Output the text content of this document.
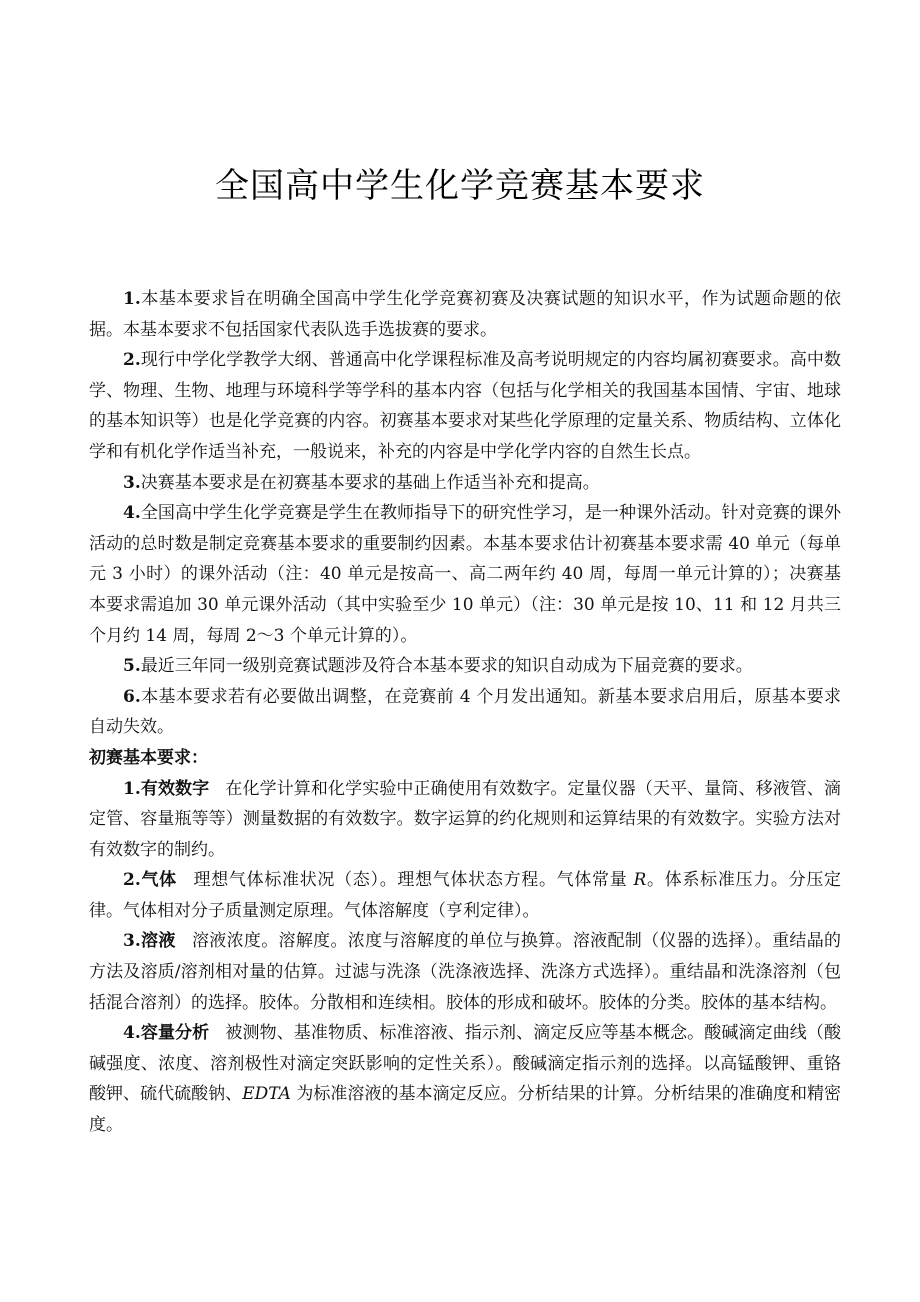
全国高中学生化学竞赛基本要求

1.本基本要求旨在明确全国高中学生化学竞赛初赛及决赛试题的知识水平，作为试题命题的依据。本基本要求不包括国家代表队选手选拔赛的要求。

2.现行中学化学教学大纲、普通高中化学课程标准及高考说明规定的内容均属初赛要求。高中数学、物理、生物、地理与环境科学等学科的基本内容（包括与化学相关的我国基本国情、宇宙、地球的基本知识等）也是化学竞赛的内容。初赛基本要求对某些化学原理的定量关系、物质结构、立体化学和有机化学作适当补充，一般说来，补充的内容是中学化学内容的自然生长点。

3.决赛基本要求是在初赛基本要求的基础上作适当补充和提高。

4.全国高中学生化学竞赛是学生在教师指导下的研究性学习，是一种课外活动。针对竞赛的课外活动的总时数是制定竞赛基本要求的重要制约因素。本基本要求估计初赛基本要求需 40 单元（每单元 3 小时）的课外活动（注：40 单元是按高一、高二两年约 40 周，每周一单元计算的）；决赛基本要求需追加 30 单元课外活动（其中实验至少 10 单元）（注：30 单元是按 10、11 和 12 月共三个月约 14 周，每周 2～3 个单元计算的）。

5.最近三年同一级别竞赛试题涉及符合本基本要求的知识自动成为下届竞赛的要求。

6.本基本要求若有必要做出调整，在竞赛前 4 个月发出通知。新基本要求启用后，原基本要求自动失效。

初赛基本要求：

1.有效数字 在化学计算和化学实验中正确使用有效数字。定量仪器（天平、量筒、移液管、滴定管、容量瓶等等）测量数据的有效数字。数字运算的约化规则和运算结果的有效数字。实验方法对有效数字的制约。

2.气体 理想气体标准状况（态）。理想气体状态方程。气体常量 R。体系标准压力。分压定律。气体相对分子质量测定原理。气体溶解度（亨利定律）。

3.溶液 溶液浓度。溶解度。浓度与溶解度的单位与换算。溶液配制（仪器的选择）。重结晶的方法及溶质/溶剂相对量的估算。过滤与洗涤（洗涤液选择、洗涤方式选择）。重结晶和洗涤溶剂（包括混合溶剂）的选择。胶体。分散相和连续相。胶体的形成和破坏。胶体的分类。胶体的基本结构。

4.容量分析 被测物、基准物质、标准溶液、指示剂、滴定反应等基本概念。酸碱滴定曲线（酸碱强度、浓度、溶剂极性对滴定突跃影响的定性关系）。酸碱滴定指示剂的选择。以高锰酸钾、重铬酸钾、硫代硫酸钠、EDTA 为标准溶液的基本滴定反应。分析结果的计算。分析结果的准确度和精密度。
